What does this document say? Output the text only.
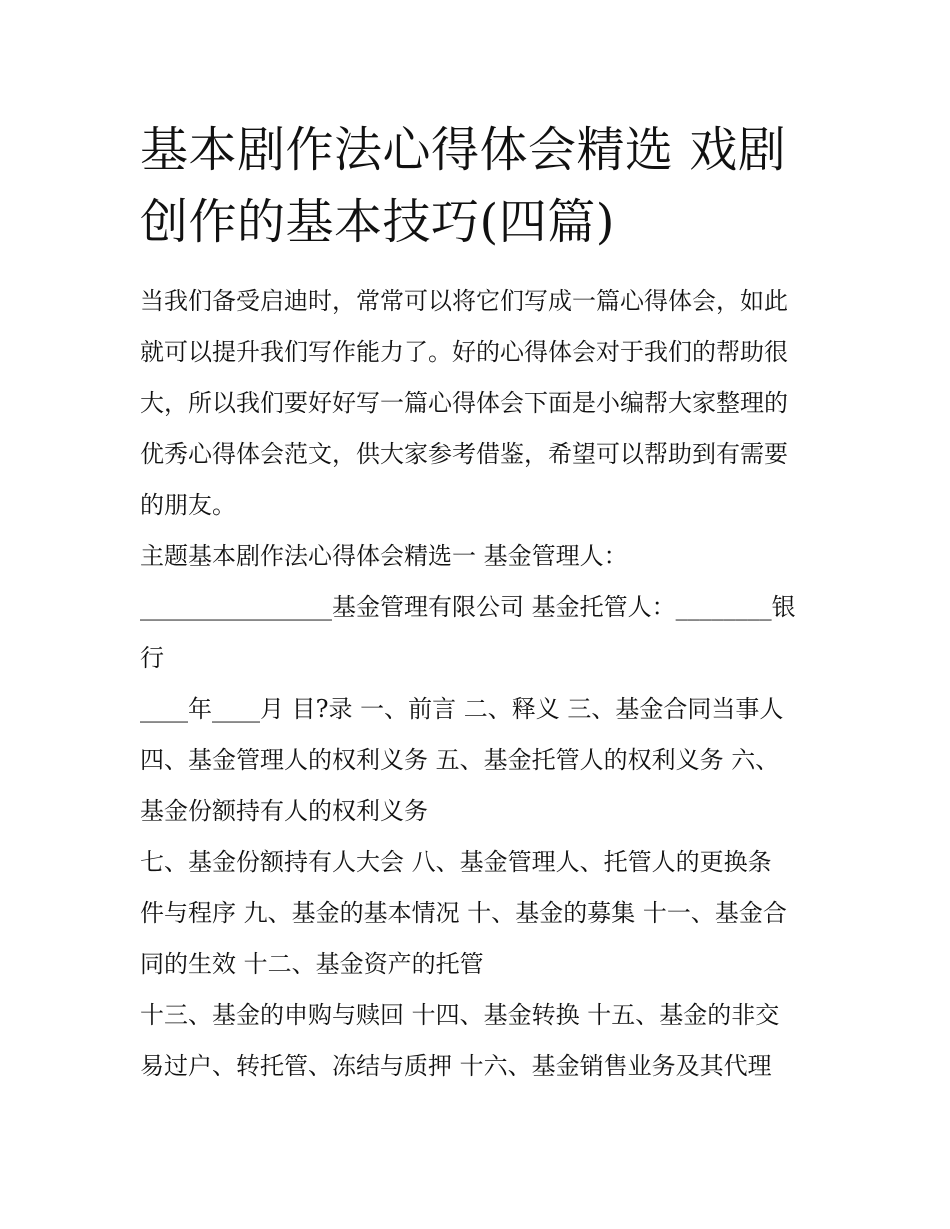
基本剧作法心得体会精选 戏剧
创作的基本技巧(四篇)
当我们备受启迪时，常常可以将它们写成一篇心得体会，如此
就可以提升我们写作能力了。好的心得体会对于我们的帮助很
大，所以我们要好好写一篇心得体会下面是小编帮大家整理的
优秀心得体会范文，供大家参考借鉴，希望可以帮助到有需要
的朋友。
主题基本剧作法心得体会精选一 基金管理人：
________________基金管理有限公司 基金托管人：________银
行
____年____月 目?录 一、前言 二、释义 三、基金合同当事人
四、基金管理人的权利义务 五、基金托管人的权利义务 六、
基金份额持有人的权利义务
七、基金份额持有人大会 八、基金管理人、托管人的更换条
件与程序 九、基金的基本情况 十、基金的募集 十一、基金合
同的生效 十二、基金资产的托管
十三、基金的申购与赎回 十四、基金转换 十五、基金的非交
易过户、转托管、冻结与质押 十六、基金销售业务及其代理
